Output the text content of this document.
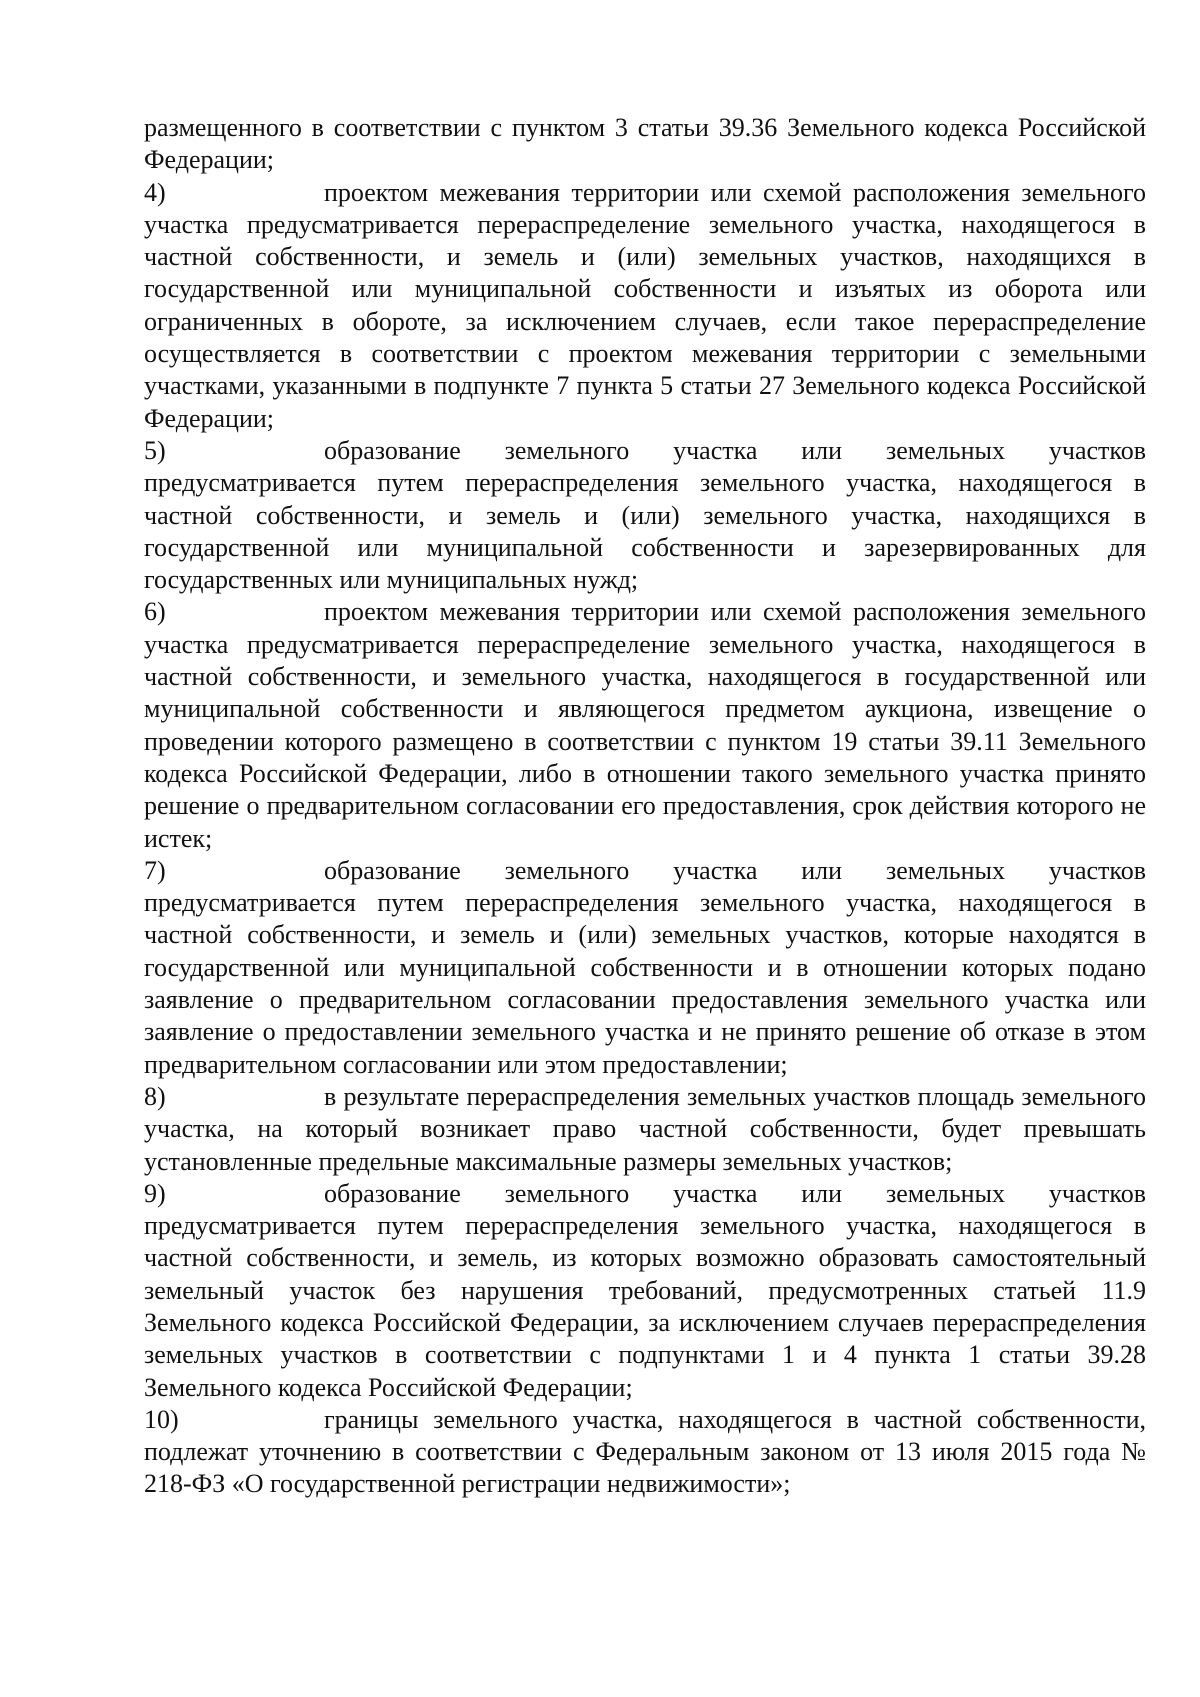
размещенного в соответствии с пунктом 3 статьи 39.36 Земельного кодекса Российской Федерации;

4)	проектом межевания территории или схемой расположения земельного участка предусматривается перераспределение земельного участка, находящегося в частной собственности, и земель и (или) земельных участков, находящихся в государственной или муниципальной собственности и изъятых из оборота или ограниченных в обороте, за исключением случаев, если такое перераспределение осуществляется в соответствии с проектом межевания территории с земельными участками, указанными в подпункте 7 пункта 5 статьи 27 Земельного кодекса Российской Федерации;

5)	образование земельного участка или земельных участков предусматривается путем перераспределения земельного участка, находящегося в частной собственности, и земель и (или) земельного участка, находящихся в государственной или муниципальной собственности и зарезервированных для государственных или муниципальных нужд;

6)	проектом межевания территории или схемой расположения земельного участка предусматривается перераспределение земельного участка, находящегося в частной собственности, и земельного участка, находящегося в государственной или муниципальной собственности и являющегося предметом аукциона, извещение о проведении которого размещено в соответствии с пунктом 19 статьи 39.11 Земельного кодекса Российской Федерации, либо в отношении такого земельного участка принято решение о предварительном согласовании его предоставления, срок действия которого не истек;

7)	образование земельного участка или земельных участков предусматривается путем перераспределения земельного участка, находящегося в частной собственности, и земель и (или) земельных участков, которые находятся в государственной или муниципальной собственности и в отношении которых подано заявление о предварительном согласовании предоставления земельного участка или заявление о предоставлении земельного участка и не принято решение об отказе в этом предварительном согласовании или этом предоставлении;

8)	в результате перераспределения земельных участков площадь земельного участка, на который возникает право частной собственности, будет превышать установленные предельные максимальные размеры земельных участков;

9)	образование земельного участка или земельных участков предусматривается путем перераспределения земельного участка, находящегося в частной собственности, и земель, из которых возможно образовать самостоятельный земельный участок без нарушения требований, предусмотренных статьей 11.9 Земельного кодекса Российской Федерации, за исключением случаев перераспределения земельных участков в соответствии с подпунктами 1 и 4 пункта 1 статьи 39.28 Земельного кодекса Российской Федерации;

10)	границы земельного участка, находящегося в частной собственности, подлежат уточнению в соответствии с Федеральным законом от 13 июля 2015 года № 218-ФЗ «О государственной регистрации недвижимости»;
